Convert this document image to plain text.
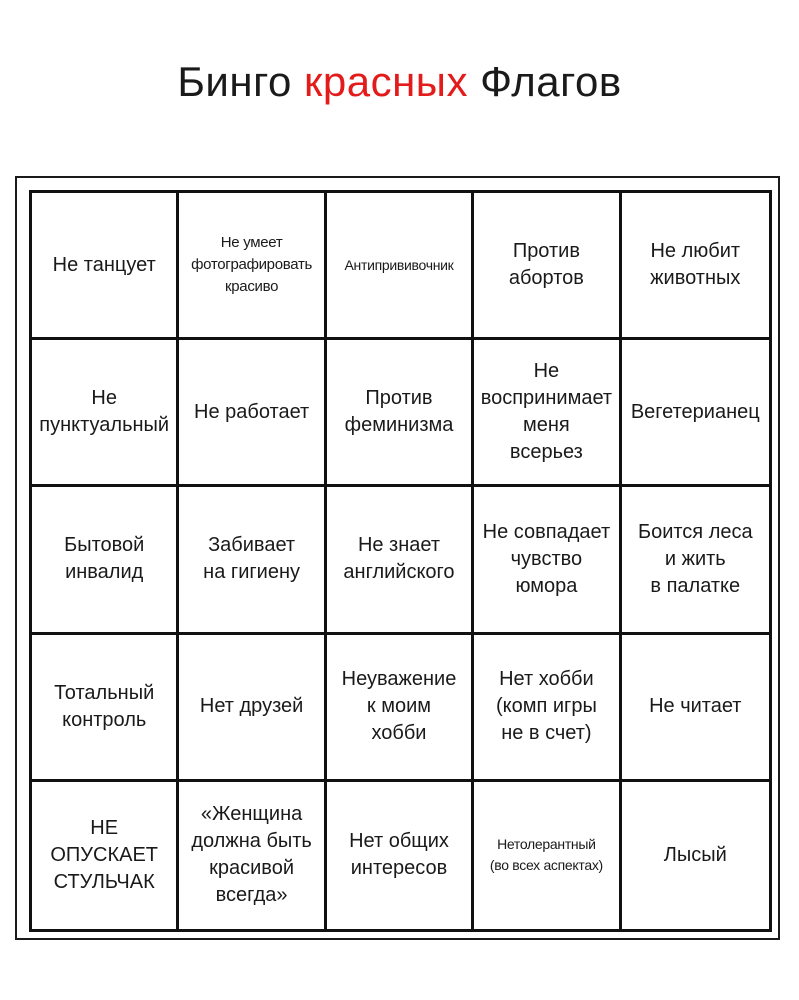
Бинго красных Флагов
Не танцует
Не умеет
фотографировать
красиво
Антипрививочник
Против
абортов
Не любит
животных
Не
пунктуальный
Не работает
Против
феминизма
Не
воспринимает
меня
всерьез
Вегетерианец
Бытовой
инвалид
Забивает
на гигиену
Не знает
английского
Не совпадает
чувство
юмора
Боится леса
и жить
в палатке
Тотальный
контроль
Нет друзей
Неуважение
к моим
хобби
Нет хобби
(комп игры
не в счет)
Не читает
НЕ ОПУСКАЕТ
СТУЛЬЧАК
«Женщина
должна быть
красивой
всегда»
Нет общих
интересов
Нетолерантный
(во всех аспектах)	Лысый
